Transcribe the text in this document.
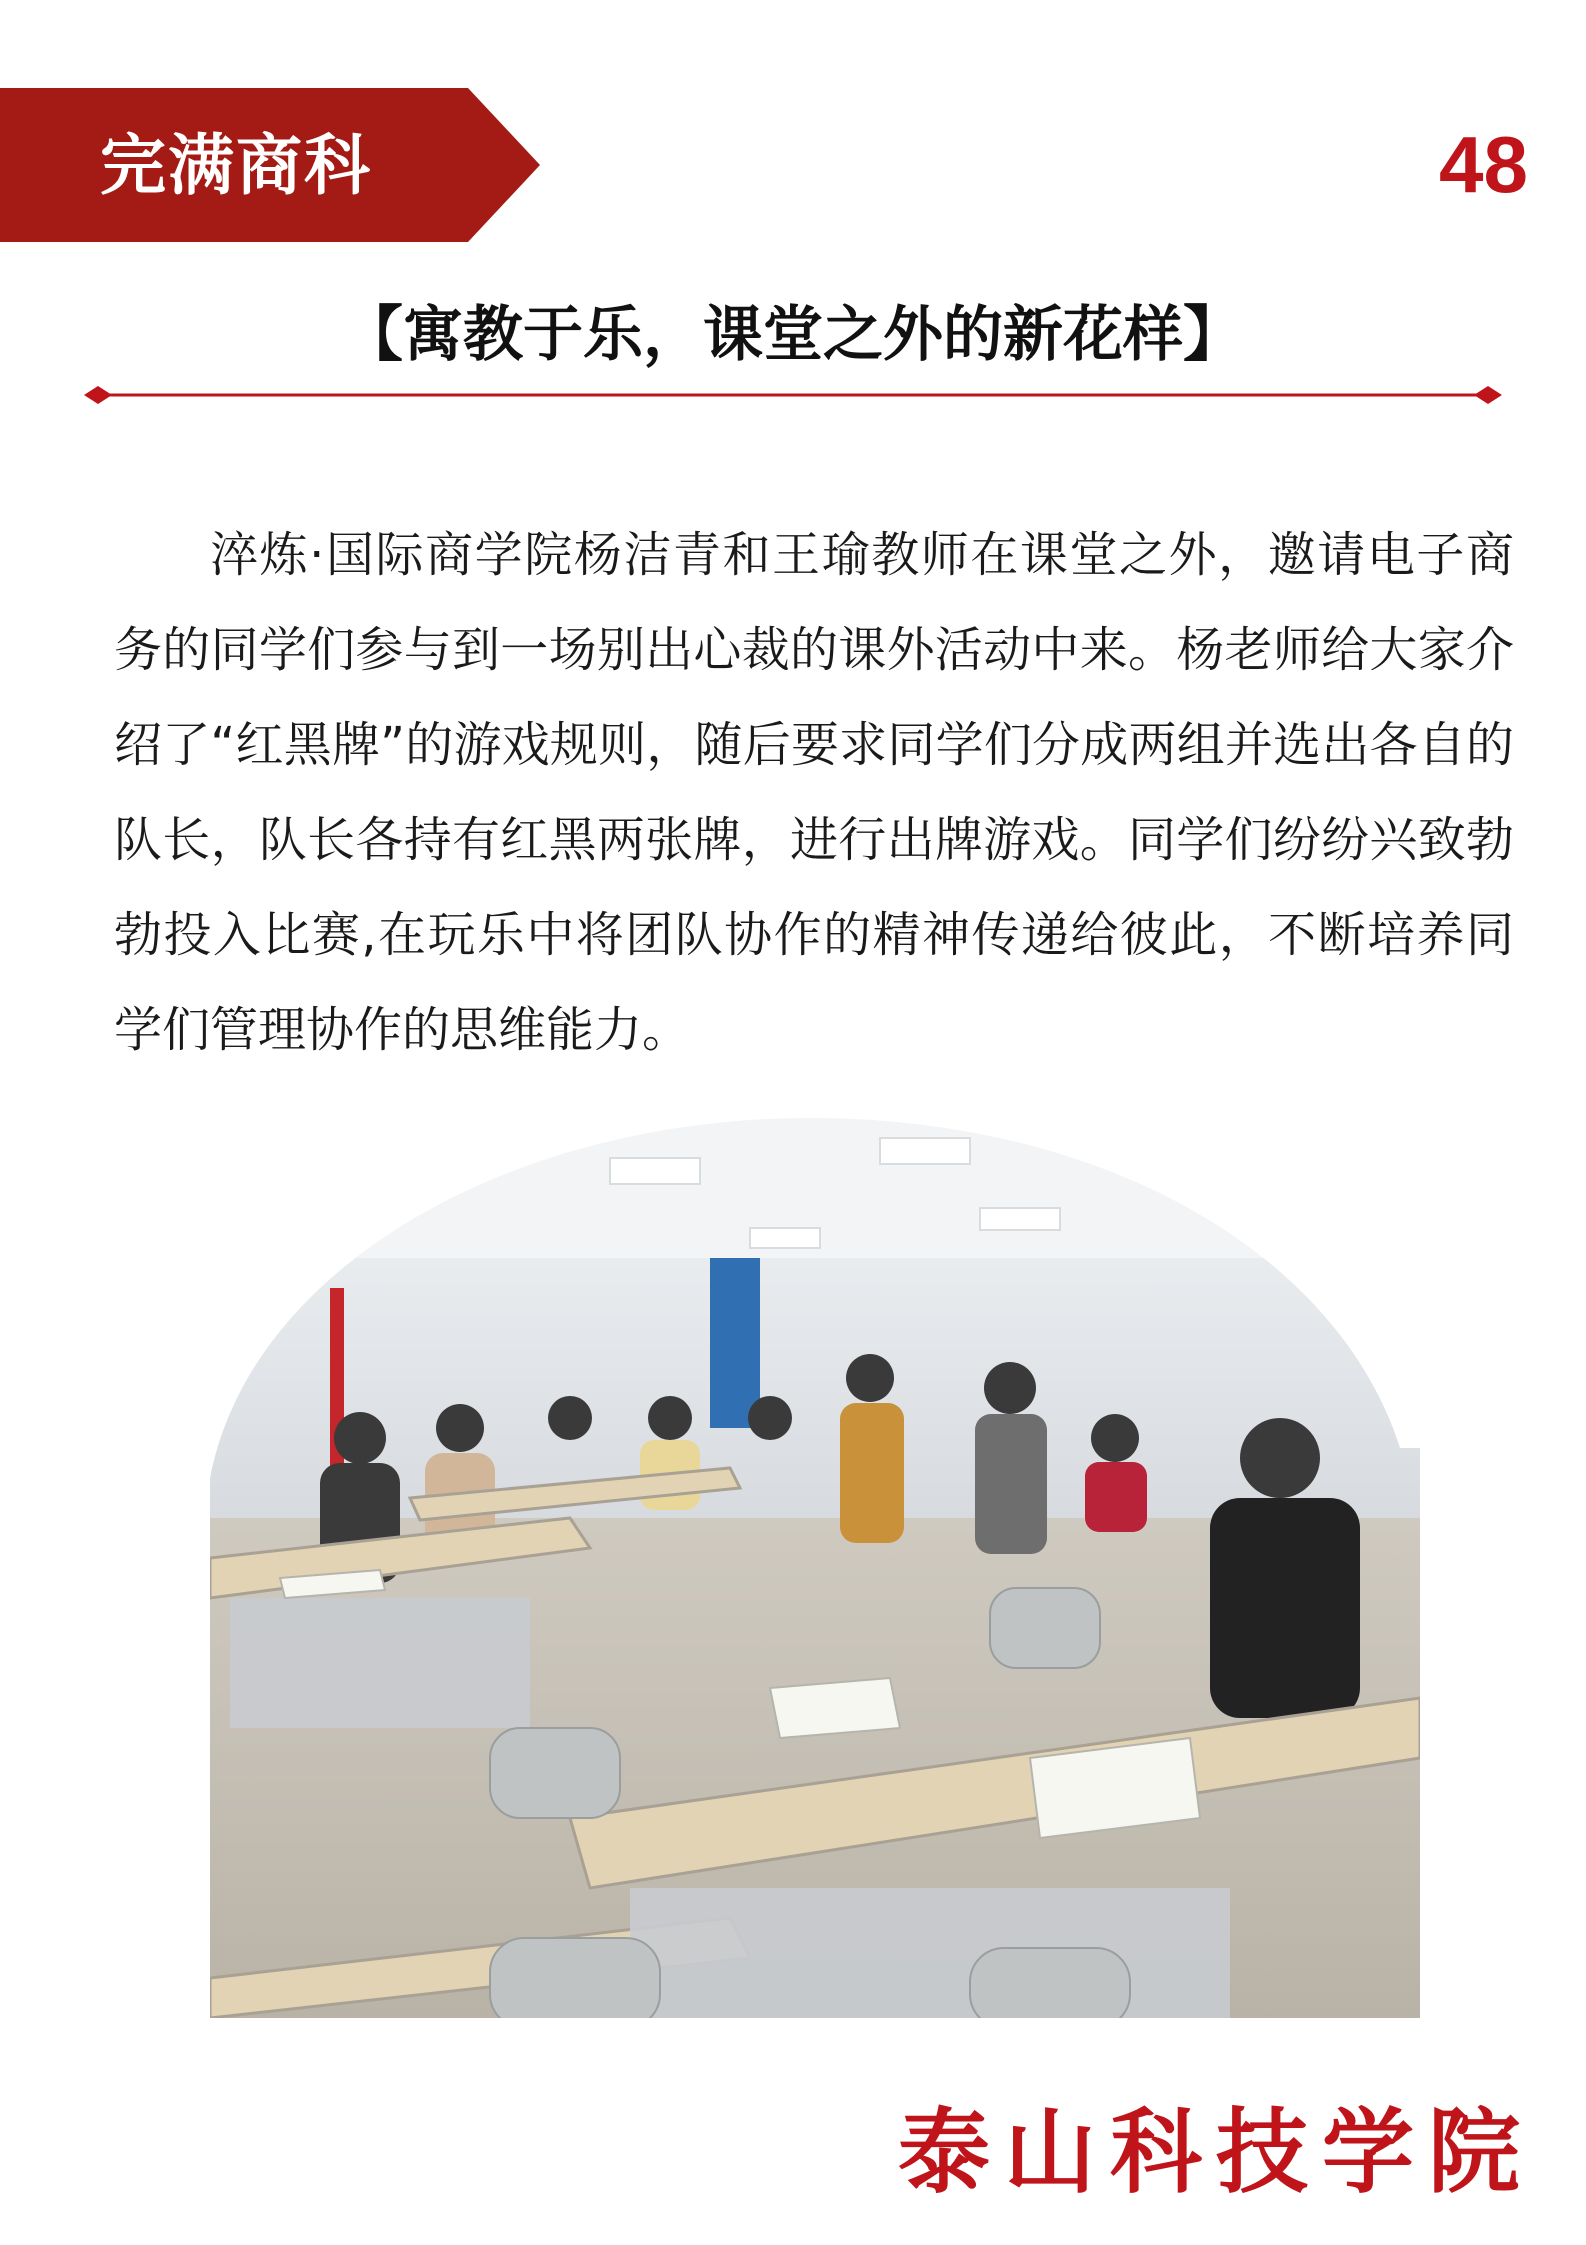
完满商科	48
【寓教于乐，课堂之外的新花样】

淬炼·国际商学院杨洁青和王瑜教师在课堂之外，邀请电子商务的同学们参与到一场别出心裁的课外活动中来。杨老师给大家介绍了“红黑牌”的游戏规则，随后要求同学们分成两组并选出各自的队长，队长各持有红黑两张牌，进行出牌游戏。同学们纷纷兴致勃勃投入比赛,在玩乐中将团队协作的精神传递给彼此，不断培养同学们管理协作的思维能力。

泰山科技学院
